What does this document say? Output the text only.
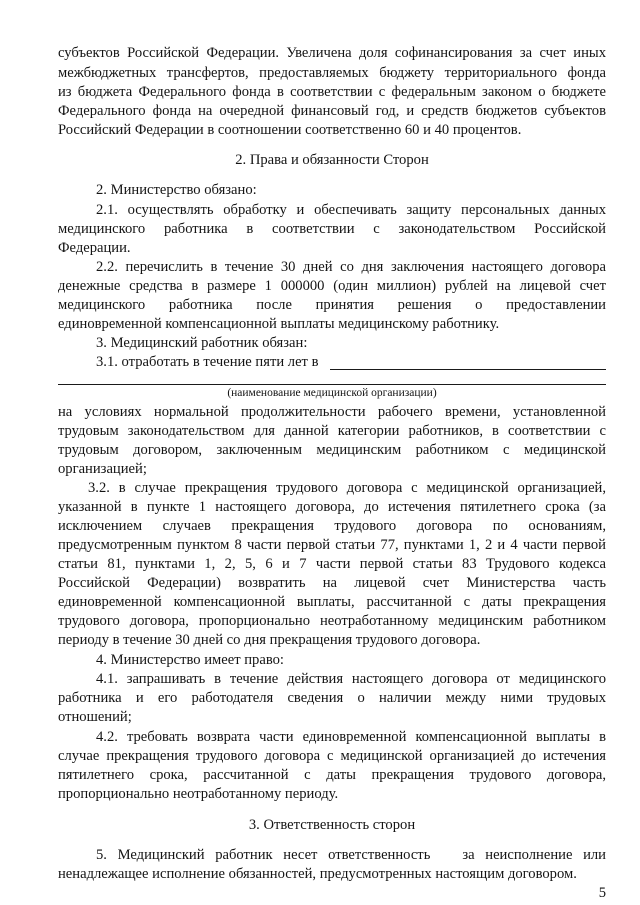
субъектов Российской Федерации. Увеличена доля софинансирования за счет иных
межбюджетных трансфертов, предоставляемых бюджету территориального фонда
из бюджета Федерального фонда в соответствии с федеральным законом о бюджете
Федерального фонда на очередной финансовый год, и средств бюджетов субъектов
Российский Федерации в соотношении соответственно 60 и 40 процентов.
2. Права и обязанности Сторон
2. Министерство обязано:
2.1. осуществлять обработку и обеспечивать защиту персональных данных
медицинского работника в соответствии с законодательством Российской
Федерации.
2.2. перечислить в течение 30 дней со дня заключения настоящего договора
денежные средства в размере 1 000000 (один миллион) рублей на лицевой счет
медицинского работника после принятия решения о предоставлении
единовременной компенсационной выплаты медицинскому работнику.
3. Медицинский работник обязан:
3.1. отработать в течение пяти лет в
(наименование медицинской организации)
на условиях нормальной продолжительности рабочего времени, установленной
трудовым законодательством для данной категории работников, в соответствии с
трудовым договором, заключенным медицинским работником с медицинской
организацией;
3.2. в случае прекращения трудового договора с медицинской организацией,
указанной в пункте 1 настоящего договора, до истечения пятилетнего срока (за
исключением случаев прекращения трудового договора по основаниям,
предусмотренным пунктом 8 части первой статьи 77, пунктами 1, 2 и 4 части первой
статьи 81, пунктами 1, 2, 5, 6 и 7 части первой статьи 83 Трудового кодекса
Российской Федерации) возвратить на лицевой счет Министерства часть
единовременной компенсационной выплаты, рассчитанной с даты прекращения
трудового договора, пропорционально неотработанному медицинским работником
периоду в течение 30 дней со дня прекращения трудового договора.
4. Министерство имеет право:
4.1. запрашивать в течение действия настоящего договора от медицинского
работника и его работодателя сведения о наличии между ними трудовых
отношений;
4.2. требовать возврата части единовременной компенсационной выплаты в
случае прекращения трудового договора с медицинской организацией до истечения
пятилетнего срока, рассчитанной с даты прекращения трудового договора,
пропорционально неотработанному периоду.
3. Ответственность сторон
5. Медицинский работник несет ответственность   за неисполнение или
ненадлежащее исполнение обязанностей, предусмотренных настоящим договором.
5
